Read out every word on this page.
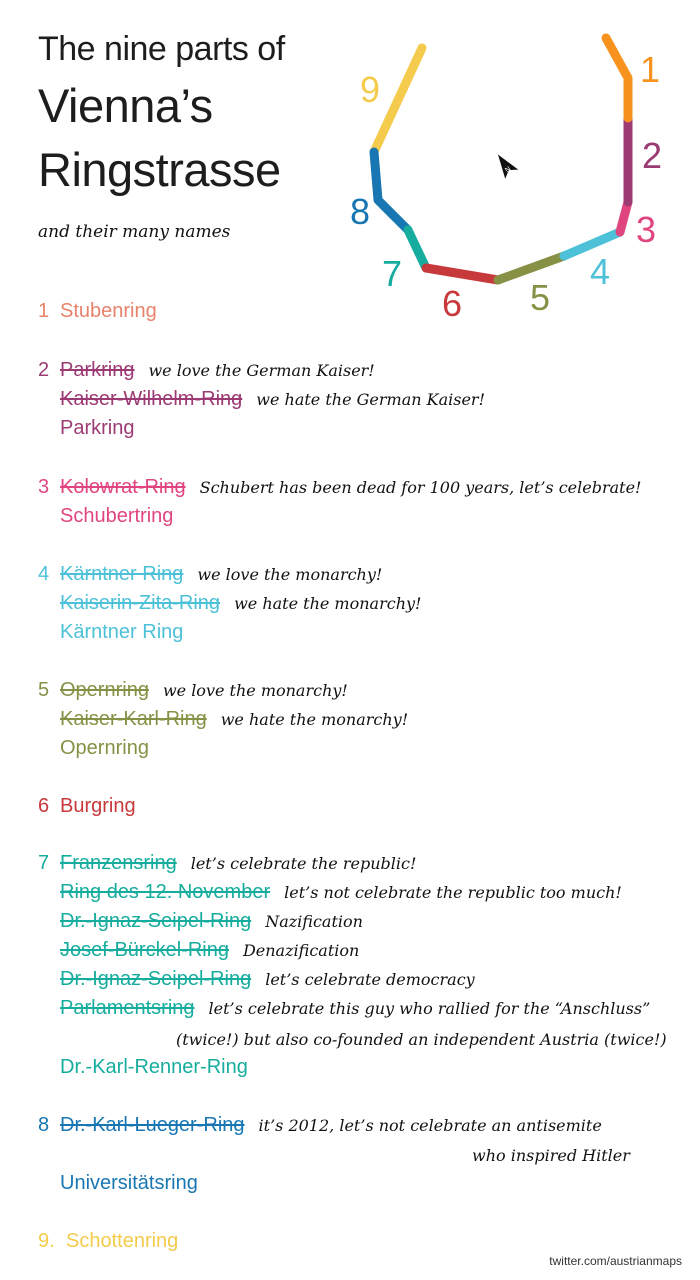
The nine parts of
Vienna’s
Ringstrasse
and their many names
1
2
3
4
5
6
7
8
9
N
1 Stubenring
2 Parkring we love the German Kaiser!
Kaiser-Wilhelm-Ring we hate the German Kaiser!
Parkring
3 Kolowrat-Ring Schubert has been dead for 100 years, let’s celebrate!
Schubertring
4 Kärntner Ring we love the monarchy!
Kaiserin-Zita-Ring we hate the monarchy!
Kärntner Ring
5 Opernring we love the monarchy!
Kaiser-Karl-Ring we hate the monarchy!
Opernring
6 Burgring
7 Franzensring let’s celebrate the republic!
Ring des 12. November let’s not celebrate the republic too much!
Dr.-Ignaz-Seipel-Ring Nazification
Josef-Bürckel-Ring Denazification
Dr.-Ignaz-Seipel-Ring let’s celebrate democracy
Parlamentsring let’s celebrate this guy who rallied for the “Anschluss”
(twice!) but also co-founded an independent Austria (twice!)
Dr.-Karl-Renner-Ring
8 Dr.-Karl-Lueger-Ring it’s 2012, let’s not celebrate an antisemite
who inspired Hitler
Universitätsring
9. Schottenring
twitter.com/austrianmaps
